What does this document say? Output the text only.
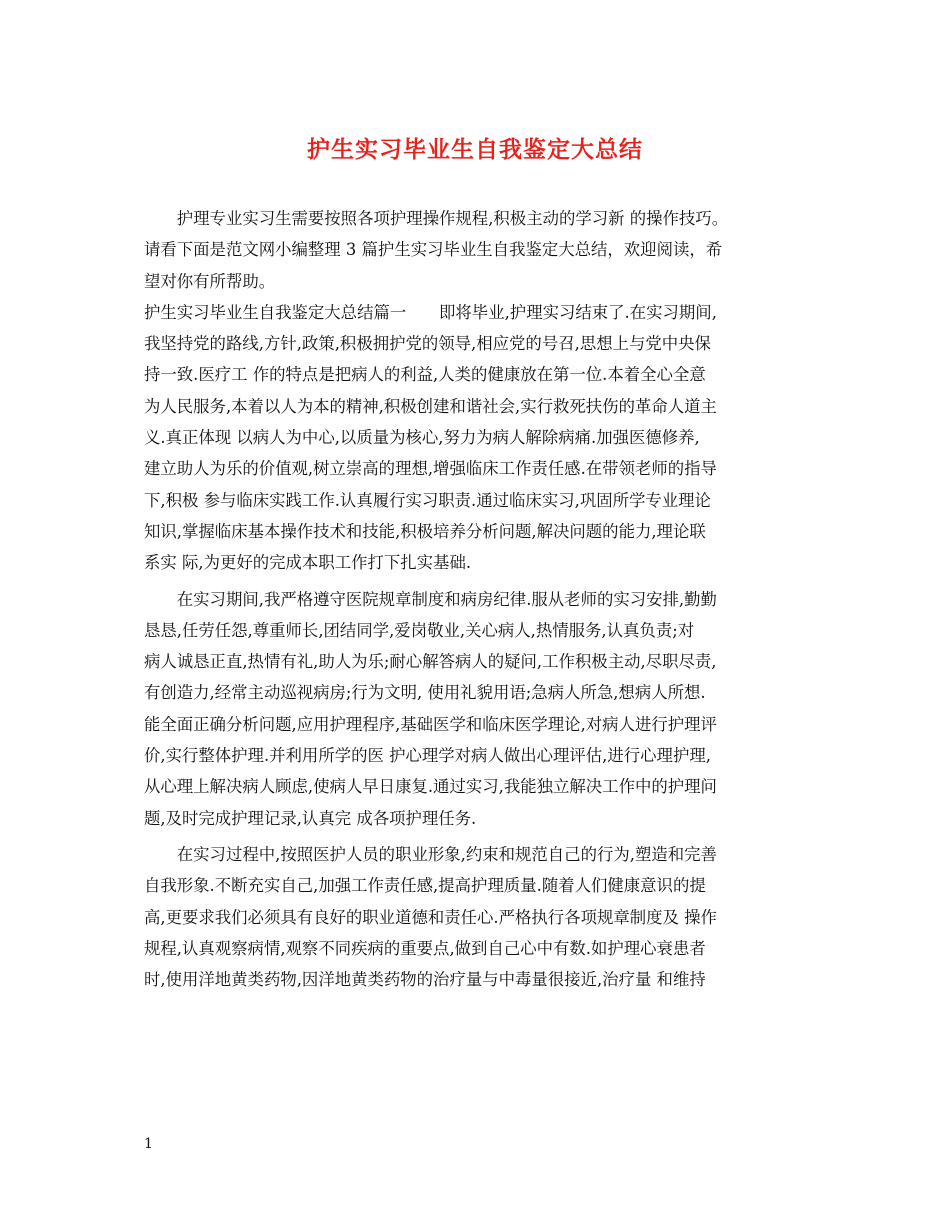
护生实习毕业生自我鉴定大总结
　　护理专业实习生需要按照各项护理操作规程,积极主动的学习新 的操作技巧。
请看下面是范文网小编整理 3 篇护生实习毕业生自我鉴定大总结，欢迎阅读，希
望对你有所帮助。
护生实习毕业生自我鉴定大总结篇一　　即将毕业,护理实习结束了.在实习期间,
我坚持党的路线,方针,政策,积极拥护党的领导,相应党的号召,思想上与党中央保
持一致.医疗工 作的特点是把病人的利益,人类的健康放在第一位.本着全心全意
为人民服务,本着以人为本的精神,积极创建和谐社会,实行救死扶伤的革命人道主
义.真正体现 以病人为中心,以质量为核心,努力为病人解除病痛.加强医德修养,
建立助人为乐的价值观,树立崇高的理想,增强临床工作责任感.在带领老师的指导
下,积极 参与临床实践工作.认真履行实习职责.通过临床实习,巩固所学专业理论
知识,掌握临床基本操作技术和技能,积极培养分析问题,解决问题的能力,理论联
系实 际,为更好的完成本职工作打下扎实基础.
　　在实习期间,我严格遵守医院规章制度和病房纪律.服从老师的实习安排,勤勤
恳恳,任劳任怨,尊重师长,团结同学,爱岗敬业,关心病人,热情服务,认真负责;对
病人诚恳正直,热情有礼,助人为乐;耐心解答病人的疑问,工作积极主动,尽职尽责,
有创造力,经常主动巡视病房;行为文明, 使用礼貌用语;急病人所急,想病人所想.
能全面正确分析问题,应用护理程序,基础医学和临床医学理论,对病人进行护理评
价,实行整体护理.并利用所学的医 护心理学对病人做出心理评估,进行心理护理,
从心理上解决病人顾虑,使病人早日康复.通过实习,我能独立解决工作中的护理问
题,及时完成护理记录,认真完 成各项护理任务.
　　在实习过程中,按照医护人员的职业形象,约束和规范自己的行为,塑造和完善
自我形象.不断充实自己,加强工作责任感,提高护理质量.随着人们健康意识的提
高,更要求我们必须具有良好的职业道德和责任心.严格执行各项规章制度及 操作
规程,认真观察病情,观察不同疾病的重要点,做到自己心中有数.如护理心衰患者
时,使用洋地黄类药物,因洋地黄类药物的治疗量与中毒量很接近,治疗量 和维持
1
